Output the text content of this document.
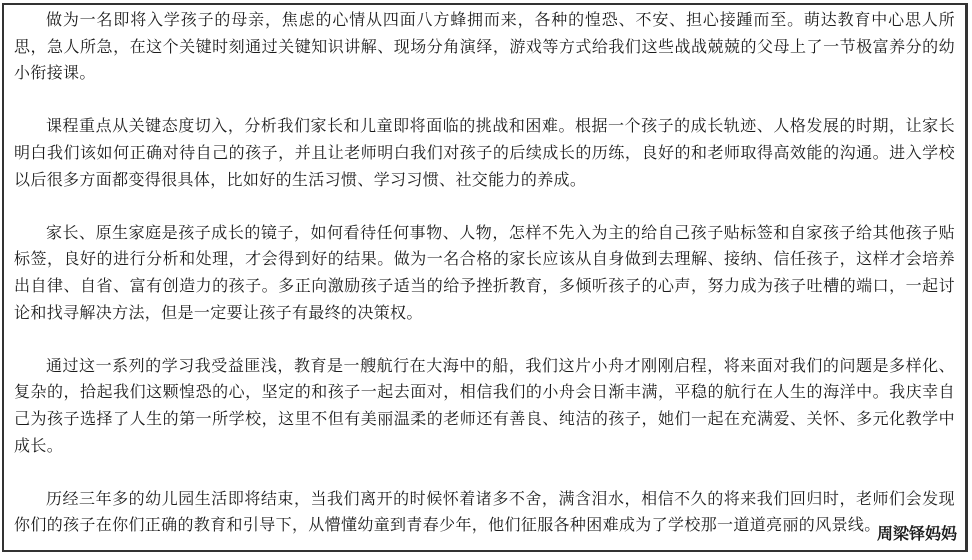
做为一名即将入学孩子的母亲，焦虑的心情从四面八方蜂拥而来，各种的惶恐、不安、担心接踵而至。萌达教育中心思人所思，急人所急，在这个关键时刻通过关键知识讲解、现场分角演绎，游戏等方式给我们这些战战兢兢的父母上了一节极富养分的幼小衔接课。

课程重点从关键态度切入，分析我们家长和儿童即将面临的挑战和困难。根据一个孩子的成长轨迹、人格发展的时期，让家长明白我们该如何正确对待自己的孩子，并且让老师明白我们对孩子的后续成长的历练，良好的和老师取得高效能的沟通。进入学校以后很多方面都变得很具体，比如好的生活习惯、学习习惯、社交能力的养成。

家长、原生家庭是孩子成长的镜子，如何看待任何事物、人物，怎样不先入为主的给自己孩子贴标签和自家孩子给其他孩子贴标签，良好的进行分析和处理，才会得到好的结果。做为一名合格的家长应该从自身做到去理解、接纳、信任孩子，这样才会培养出自律、自省、富有创造力的孩子。多正向激励孩子适当的给予挫折教育，多倾听孩子的心声，努力成为孩子吐槽的端口，一起讨论和找寻解决方法，但是一定要让孩子有最终的决策权。

通过这一系列的学习我受益匪浅，教育是一艘航行在大海中的船，我们这片小舟才刚刚启程，将来面对我们的问题是多样化、复杂的，拾起我们这颗惶恐的心，坚定的和孩子一起去面对，相信我们的小舟会日渐丰满，平稳的航行在人生的海洋中。我庆幸自己为孩子选择了人生的第一所学校，这里不但有美丽温柔的老师还有善良、纯洁的孩子，她们一起在充满爱、关怀、多元化教学中成长。

历经三年多的幼儿园生活即将结束，当我们离开的时候怀着诸多不舍，满含泪水，相信不久的将来我们回归时，老师们会发现你们的孩子在你们正确的教育和引导下，从懵懂幼童到青春少年，他们征服各种困难成为了学校那一道道亮丽的风景线。

周梁铎妈妈
